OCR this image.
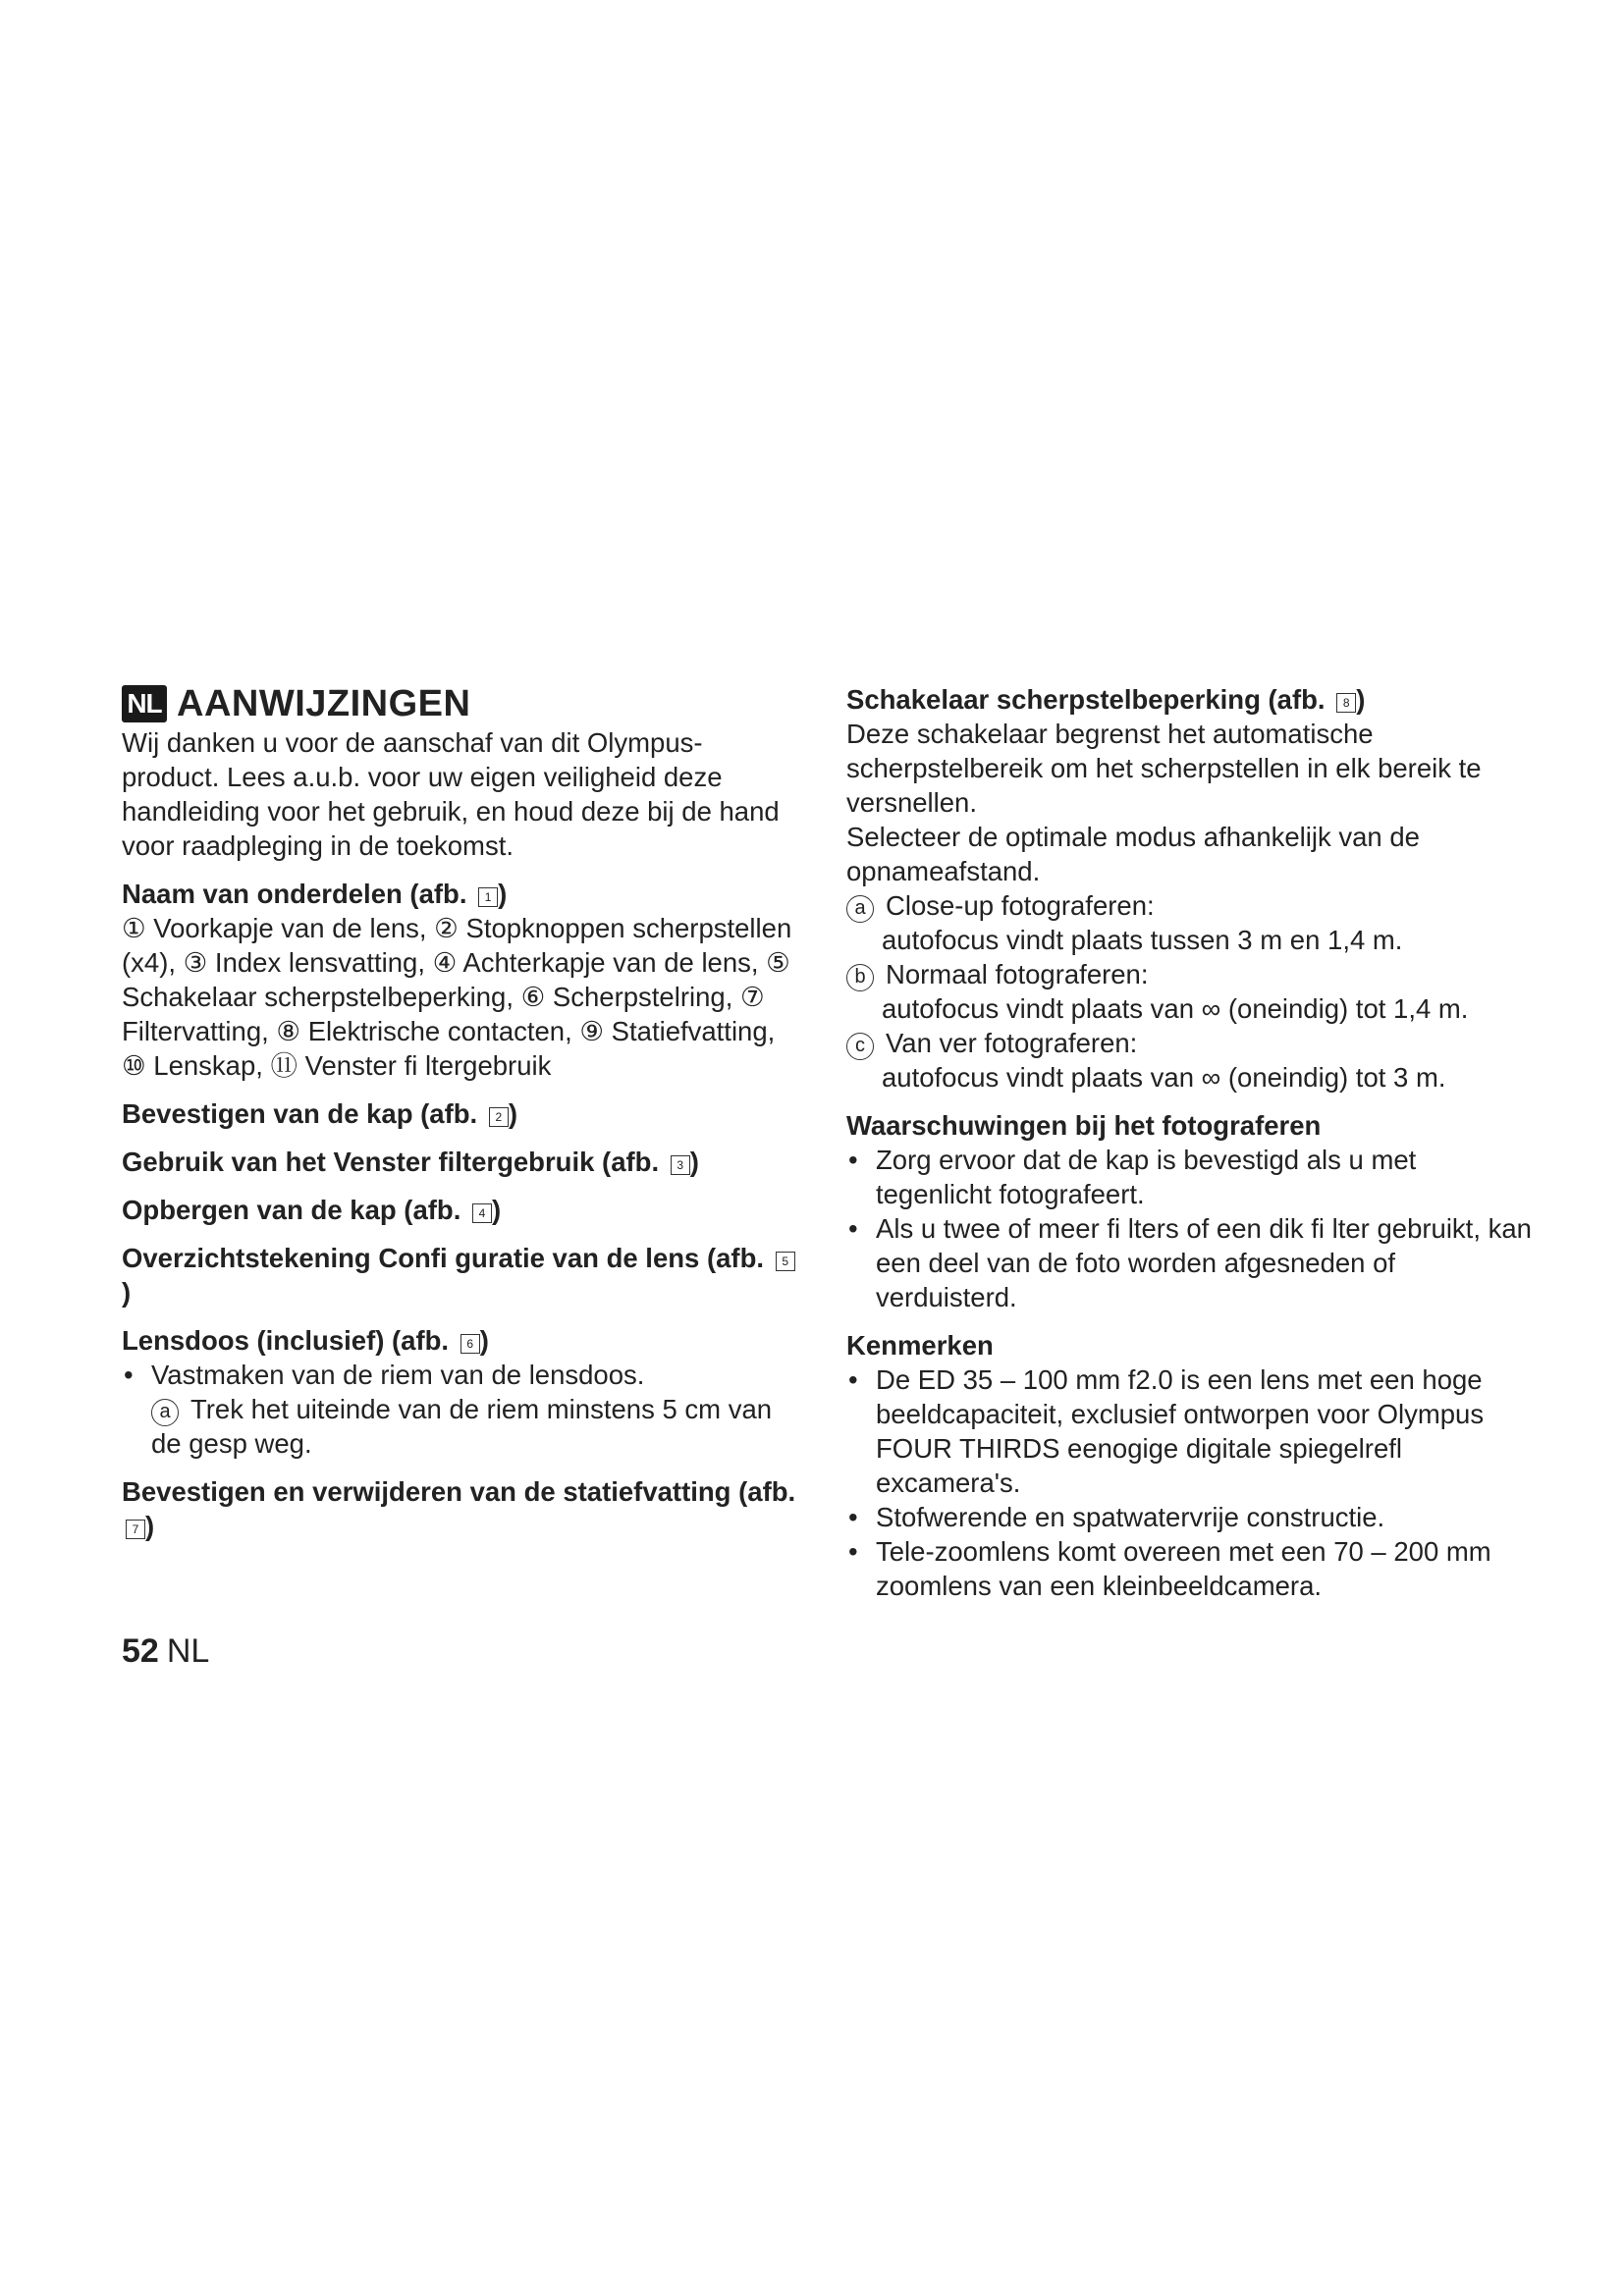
NL AANWIJZINGEN

Wij danken u voor de aanschaf van dit Olympus-product. Lees a.u.b. voor uw eigen veiligheid deze handleiding voor het gebruik, en houd deze bij de hand voor raadpleging in de toekomst.

Naam van onderdelen (afb. 1 )

① Voorkapje van de lens, ② Stopknoppen scherpstellen (x4), ③ Index lensvatting, ④ Achterkapje van de lens, ⑤ Schakelaar scherpstelbeperking, ⑥ Scherpstelring, ⑦ Filtervatting, ⑧ Elektrische contacten, ⑨ Statiefvatting, ⑩ Lenskap, ⑪ Venster fi ltergebruik

Bevestigen van de kap (afb. 2 )
Gebruik van het Venster filtergebruik (afb. 3 )
Opbergen van de kap (afb. 4 )
Overzichtstekening Confi guratie van de lens (afb. 5)
Lensdoos (inclusief) (afb. 6 )
• Vastmaken van de riem van de lensdoos.
a Trek het uiteinde van de riem minstens 5 cm van de gesp weg.
Bevestigen en verwijderen van de statiefvatting (afb. 7 )
Schakelaar scherpstelbeperking (afb. 8 )

Deze schakelaar begrenst het automatische scherpstelbereik om het scherpstellen in elk bereik te versnellen.

Selecteer de optimale modus afhankelijk van de opnameafstand.

a Close-up fotograferen:
autofocus vindt plaats tussen 3 m en 1,4 m.
b Normaal fotograferen:
autofocus vindt plaats van ∞ (oneindig) tot 1,4 m.
c Van ver fotograferen:
autofocus vindt plaats van ∞ (oneindig) tot 3 m.
Waarschuwingen bij het fotograferen
• Zorg ervoor dat de kap is bevestigd als u met tegenlicht fotografeert.
• Als u twee of meer fi lters of een dik fi lter gebruikt, kan een deel van de foto worden afgesneden of verduisterd.
Kenmerken
• De ED 35 – 100 mm f2.0 is een lens met een hoge beeldcapaciteit, exclusief ontworpen voor Olympus FOUR THIRDS eenogige digitale spiegelrefl excamera's.
• Stofwerende en spatwatervrije constructie.
• Tele-zoomlens komt overeen met een 70 – 200 mm zoomlens van een kleinbeeldcamera.
52 NL
